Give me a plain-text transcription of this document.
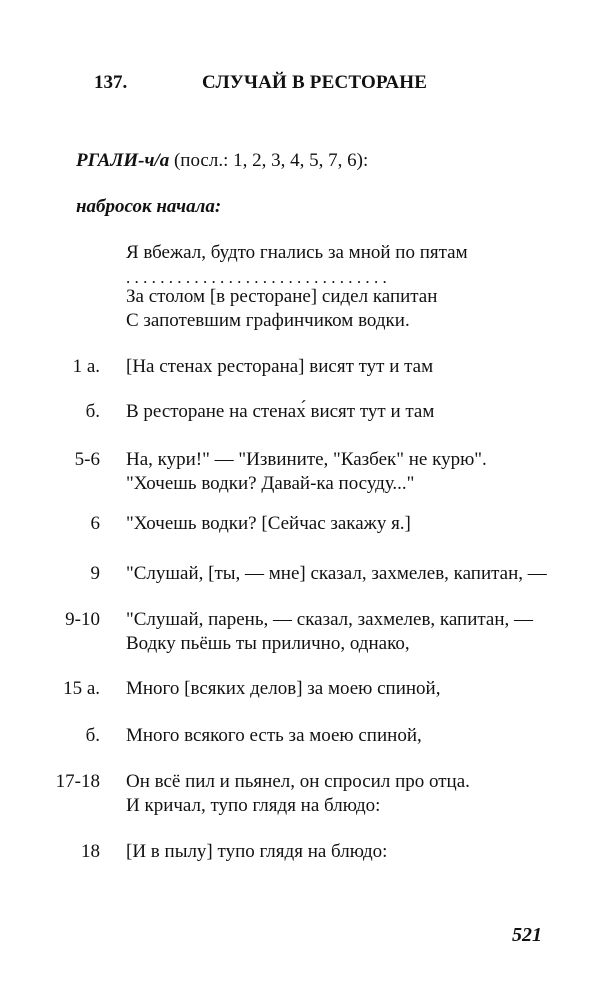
137.	СЛУЧАЙ В РЕСТОРАНЕ
РГАЛИ-ч/а (посл.: 1, 2, 3, 4, 5, 7, 6):
набросок начала:
Я вбежал, будто гнались за мной по пятам
...............................
За столом [в ресторане] сидел капитан
С запотевшим графинчиком водки.
1 а. [На стенах ресторана] висят тут и там
б. В ресторане на стенах́ висят тут и там
5-6 На, кури!" — "Извините, "Казбек" не курю".
"Хочешь водки? Давай-ка посуду..."
6 "Хочешь водки? [Сейчас закажу я.]
9 "Слушай, [ты, — мне] сказал, захмелев, капитан, —
9-10 "Слушай, парень, — сказал, захмелев, капитан, —
Водку пьёшь ты прилично, однако,
15 а. Много [всяких делов] за моею спиной,
б. Много всякого есть за моею спиной,
17-18 Он всё пил и пьянел, он спросил про отца.
И кричал, тупо глядя на блюдо:
18 [И в пылу] тупо глядя на блюдо:
521
